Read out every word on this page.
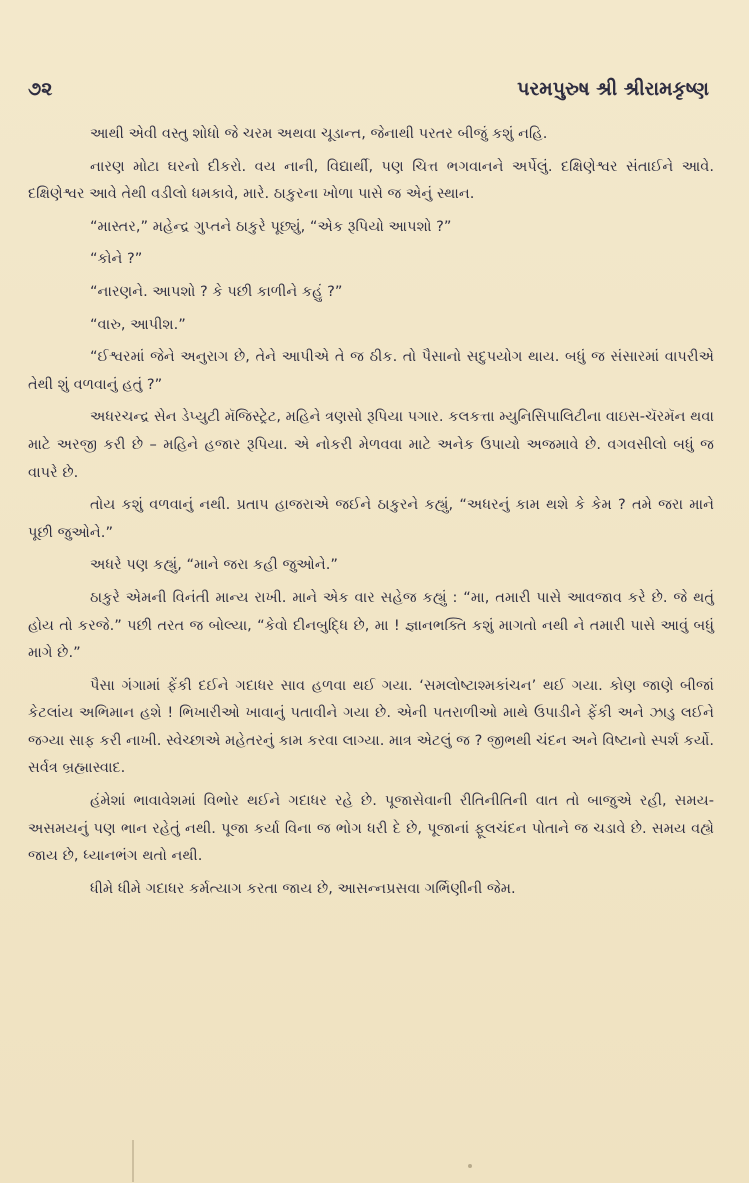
૭૨	પરમપુરુષ શ્રી શ્રીરામકૃષ્ણ

આથી એવી વસ્તુ શોધો જે ચરમ અથવા ચૂડાન્ત, જેનાથી પરતર બીજું કશું નહિ.

નારણ મોટા ઘરનો દીકરો. વય નાની, વિદ્યાર્થી, પણ ચિત્ત ભગવાનને અર્પેલું. દક્ષિણેશ્વર સંતાઈને આવે. દક્ષિણેશ્વર આવે તેથી વડીલો ધમકાવે, મારે. ઠાકુરના ખોળા પાસે જ એનું સ્થાન.

“માસ્તર,” મહેન્દ્ર ગુપ્તને ઠાકુરે પૂછ્યું, “એક રૂપિયો આપશો ?”

“કોને ?”

“નારણને. આપશો ? કે પછી કાળીને કહું ?”

“વારુ, આપીશ.”

“ઈશ્વરમાં જેને અનુરાગ છે, તેને આપીએ તે જ ઠીક. તો પૈસાનો સદુપયોગ થાય. બધું જ સંસારમાં વાપરીએ તેથી શું વળવાનું હતું ?”

અધરચન્દ્ર સેન ડેપ્યુટી મૅજિસ્ટ્રેટ, મહિને ત્રણસો રૂપિયા પગાર. કલકત્તા મ્યુનિસિપાલિટીના વાઇસ-ચૅરમૅન થવા માટે અરજી કરી છે – મહિને હજાર રૂપિયા. એ નોકરી મેળવવા માટે અનેક ઉપાયો અજમાવે છે. વગવસીલો બધું જ વાપરે છે.

તોય કશું વળવાનું નથી. પ્રતાપ હાજરાએ જઈને ઠાકુરને કહ્યું, “અધરનું કામ થશે કે કેમ ? તમે જરા માને પૂછી જુઓને.”

અધરે પણ કહ્યું, “માને જરા કહી જુઓને.”

ઠાકુરે એમની વિનંતી માન્ય રાખી. માને એક વાર સહેજ કહ્યું : “મા, તમારી પાસે આવજાવ કરે છે. જે થતું હોય તો કરજે.” પછી તરત જ બોલ્યા, “કેવો દીનબુદ્ધિ છે, મા ! જ્ઞાનભક્તિ કશું માગતો નથી ને તમારી પાસે આવું બધું માગે છે.”

પૈસા ગંગામાં ફેંકી દઈને ગદાધર સાવ હળવા થઈ ગયા. ‘સમલોષ્ટાશ્મકાંચન’ થઈ ગયા. કોણ જાણે બીજાં કેટલાંય અભિમાન હશે ! ભિખારીઓ ખાવાનું પતાવીને ગયા છે. એની પતરાળીઓ માથે ઉપાડીને ફેંકી અને ઝાડુ લઈને જગ્યા સાફ કરી નાખી. સ્વેચ્છાએ મહેતરનું કામ કરવા લાગ્યા. માત્ર એટલું જ ? જીભથી ચંદન અને વિષ્ટાનો સ્પર્શ કર્યો. સર્વત્ર બ્રહ્માસ્વાદ.

હંમેશાં ભાવાવેશમાં વિભોર થઈને ગદાધર રહે છે. પૂજાસેવાની રીતિનીતિની વાત તો બાજુએ રહી, સમય-અસમયનું પણ ભાન રહેતું નથી. પૂજા કર્યા વિના જ ભોગ ધરી દે છે, પૂજાનાં ફૂલચંદન પોતાને જ ચડાવે છે. સમય વહ્યે જાય છે, ધ્યાનભંગ થતો નથી.

ધીમે ધીમે ગદાધર કર્મત્યાગ કરતા જાય છે, આસન્નપ્રસવા ગર્ભિણીની જેમ.
